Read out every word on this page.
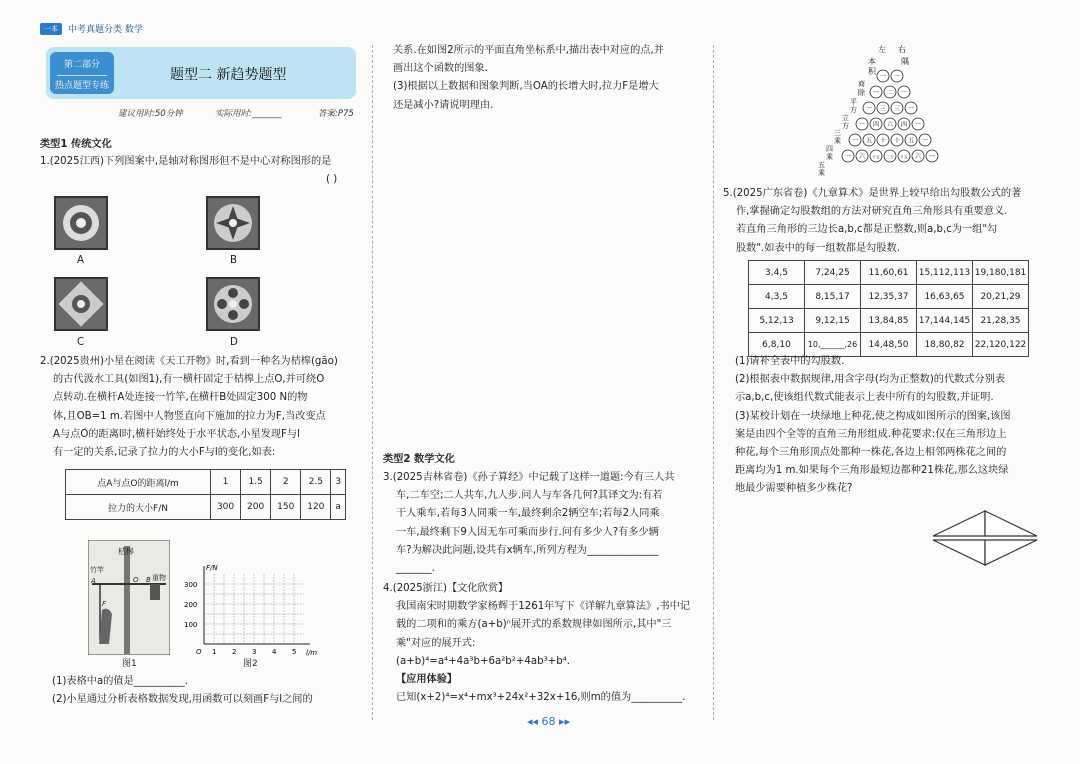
一本	中考真题分类 数学
第二部分
热点题型专练
题型二 新趋势题型
建议用时:50分钟	实际用时:_______	答案:P75
类型1 传统文化
1.(2025江西)下列图案中,是轴对称图形但不是中心对称图形的是
( )
A	B
C	D
2.(2025贵州)小星在阅读《天工开物》时,看到一种名为桔槔(gāo)
的古代汲水工具(如图1),有一横杆固定于桔槔上点O,并可绕O
点转动.在横杆A处连接一竹竿,在横杆B处固定300 N的物
体,且OB=1 m.若图中人物竖直向下施加的拉力为F,当改变点
A与点O的距离l时,横杆始终处于水平状态,小星发现F与l
有一定的关系,记录了拉力的大小F与l的变化,如表:
点A与点O的距离l/m	1	1.5	2	2.5	3
拉力的大小F/N	300	200	150	120	a
桔槔
竹竿
重物
A	O B
F
图1
F/N
l/m
300
200
100
O 1 2 3 4 5
图2
(1)表格中a的值是__________.
(2)小星通过分析表格数据发现,用函数可以刻画F与l之间的
关系.在如图2所示的平面直角坐标系中,描出表中对应的点,并
画出这个函数的图象.
(3)根据以上数据和图象判断,当OA的长增大时,拉力F是增大
还是减小?请说明理由.
类型2 数学文化
3.(2025吉林省卷)《孙子算经》中记载了这样一道题:今有三人共
车,二车空;二人共车,九人步.问人与车各几何?其译文为:有若
干人乘车,若每3人同乘一车,最终剩余2辆空车;若每2人同乘
一车,最终剩下9人因无车可乘而步行.问有多少人?有多少辆
车?为解决此问题,设共有x辆车,所列方程为______________
_______.
4.(2025浙江)【文化欣赏】
我国南宋时期数学家杨辉于1261年写下《详解九章算法》,书中记
载的二项和的乘方(a+b)ⁿ展开式的系数规律如图所示,其中"三
乘"对应的展开式:
(a+b)⁴=a⁴+4a³b+6a²b²+4ab³+b⁴.
【应用体验】
已知(x+2)⁴=x⁴+mx³+24x²+32x+16,则m的值为__________.
左 右
本
积
隅
商
除
平
方
立
方
三
乘
四
乘
五
乘
一 一
一 二 一
一 三 三 一
一 四 六 四 一
一 五 十 十 五 一
一 六 十五 二十 十五 六 一
5.(2025广东省卷)《九章算术》是世界上较早给出勾股数公式的著
作,掌握确定勾股数组的方法对研究直角三角形具有重要意义.
若直角三角形的三边长a,b,c都是正整数,则a,b,c为一组"勾
股数".如表中的每一组数都是勾股数.
3,4,5	7,24,25	11,60,61	15,112,113	19,180,181
4,3,5	8,15,17	12,35,37	16,63,65	20,21,29
5,12,13	9,12,15	13,84,85	17,144,145	21,28,35
6,8,10	10,______,26	14,48,50	18,80,82	22,120,122
(1)请补全表中的勾股数.
(2)根据表中数据规律,用含字母(均为正整数)的代数式分别表
示a,b,c,使该组代数式能表示上表中所有的勾股数,并证明.
(3)某校计划在一块绿地上种花,使之构成如图所示的图案,该图
案是由四个全等的直角三角形组成.种花要求:仅在三角形边上
种花,每个三角形顶点处都种一株花,各边上相邻两株花之间的
距离均为1 m.如果每个三角形最短边都种21株花,那么这块绿
地最少需要种植多少株花?
◂◂ 68 ▸▸
